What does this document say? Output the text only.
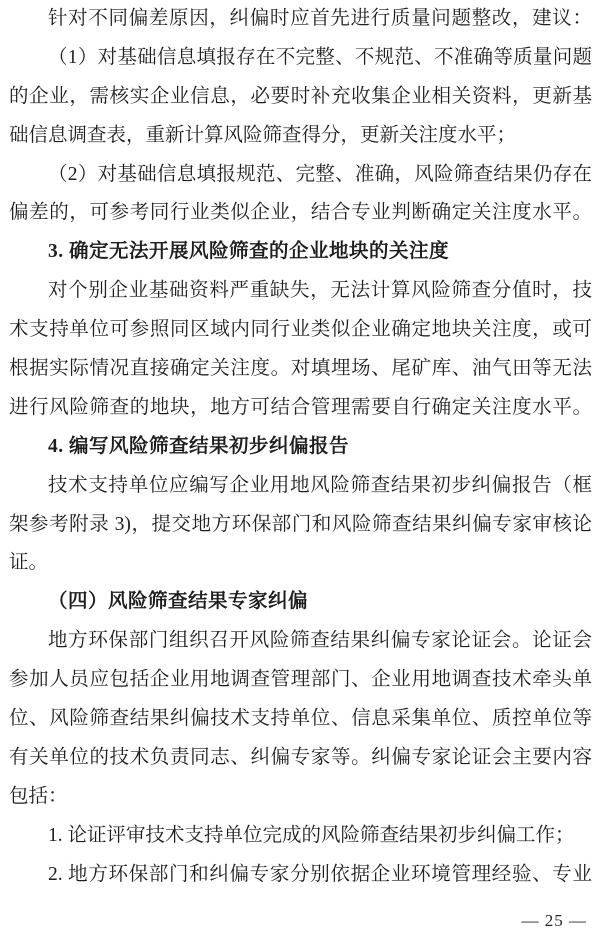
针对不同偏差原因，纠偏时应首先进行质量问题整改，建议：
（1）对基础信息填报存在不完整、不规范、不准确等质量问题
的企业，需核实企业信息，必要时补充收集企业相关资料，更新基
础信息调查表，重新计算风险筛查得分，更新关注度水平；
（2）对基础信息填报规范、完整、准确，风险筛查结果仍存在
偏差的，可参考同行业类似企业，结合专业判断确定关注度水平。
3. 确定无法开展风险筛查的企业地块的关注度
对个别企业基础资料严重缺失，无法计算风险筛查分值时，技
术支持单位可参照同区域内同行业类似企业确定地块关注度，或可
根据实际情况直接确定关注度。对填埋场、尾矿库、油气田等无法
进行风险筛查的地块，地方可结合管理需要自行确定关注度水平。
4. 编写风险筛查结果初步纠偏报告
技术支持单位应编写企业用地风险筛查结果初步纠偏报告（框
架参考附录 3)，提交地方环保部门和风险筛查结果纠偏专家审核论
证。
（四）风险筛查结果专家纠偏
地方环保部门组织召开风险筛查结果纠偏专家论证会。论证会
参加人员应包括企业用地调查管理部门、企业用地调查技术牵头单
位、风险筛查结果纠偏技术支持单位、信息采集单位、质控单位等
有关单位的技术负责同志、纠偏专家等。纠偏专家论证会主要内容
包括：
1. 论证评审技术支持单位完成的风险筛查结果初步纠偏工作；
2. 地方环保部门和纠偏专家分别依据企业环境管理经验、专业
— 25 —
